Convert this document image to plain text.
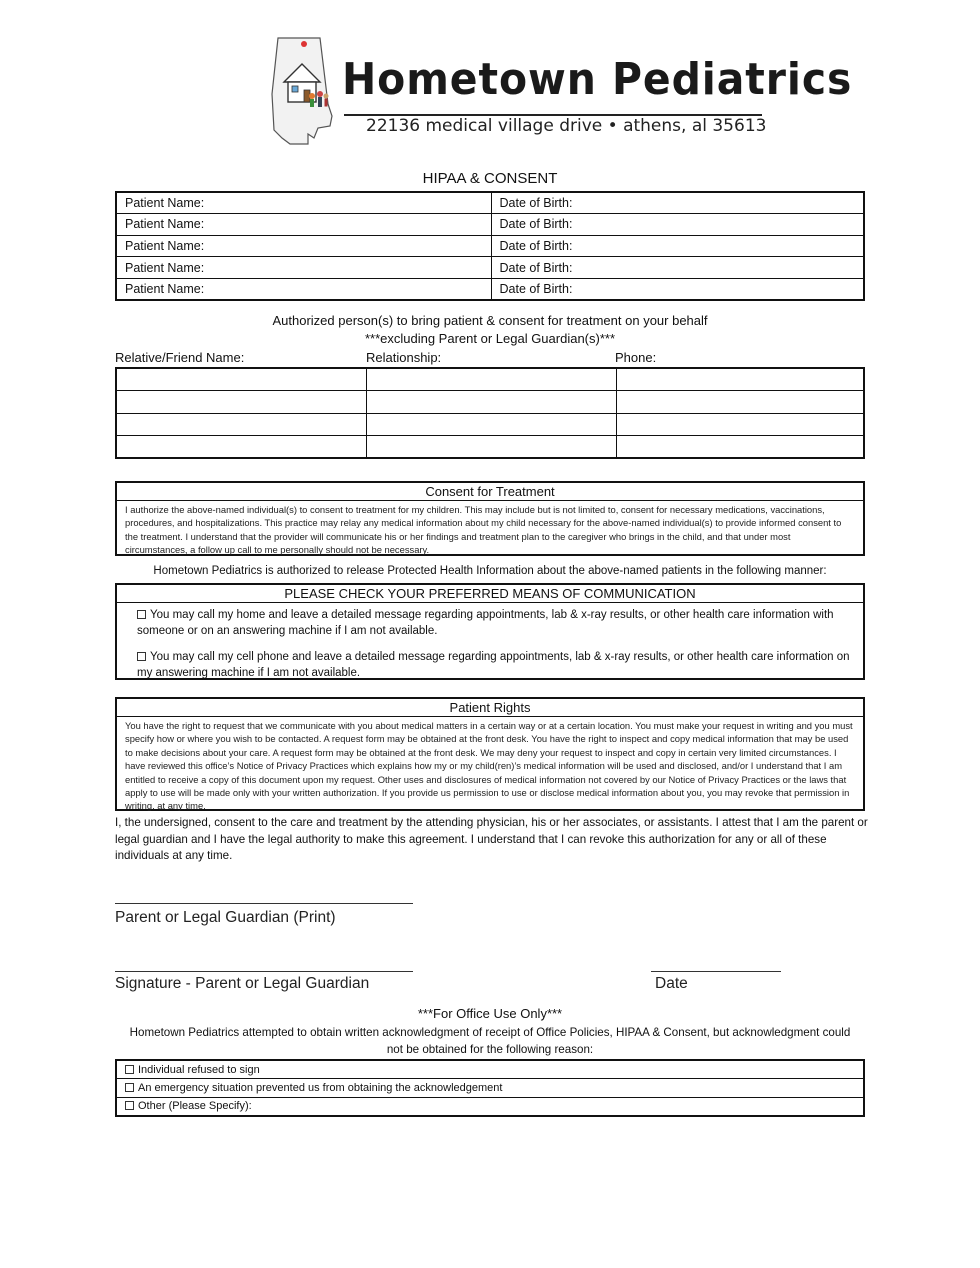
Hometown Pediatrics
22136 medical village drive • athens, al 35613
HIPAA & CONSENT
Patient Name:	Date of Birth:
Patient Name:	Date of Birth:
Patient Name:	Date of Birth:
Patient Name:	Date of Birth:
Patient Name:	Date of Birth:
Authorized person(s) to bring patient & consent for treatment on your behalf
***excluding Parent or Legal Guardian(s)***
Relative/Friend Name:	Relationship:	Phone:

Consent for Treatment
I authorize the above-named individual(s) to consent to treatment for my children. This may include but is not limited to, consent for necessary medications, vaccinations, procedures, and hospitalizations. This practice may relay any medical information about my child necessary for the above-named individual(s) to provide informed consent to the treatment. I understand that the provider will communicate his or her findings and treatment plan to the caregiver who brings in the child, and that under most circumstances, a follow up call to me personally should not be necessary.
Hometown Pediatrics is authorized to release Protected Health Information about the above-named patients in the following manner:
PLEASE CHECK YOUR PREFERRED MEANS OF COMMUNICATION
You may call my home and leave a detailed message regarding appointments, lab & x-ray results, or other health care information with someone or on an answering machine if I am not available.
You may call my cell phone and leave a detailed message regarding appointments, lab & x-ray results, or other health care information on my answering machine if I am not available.
Patient Rights
You have the right to request that we communicate with you about medical matters in a certain way or at a certain location. You must make your request in writing and you must specify how or where you wish to be contacted. A request form may be obtained at the front desk. You have the right to inspect and copy medical information that may be used to make decisions about your care. A request form may be obtained at the front desk. We may deny your request to inspect and copy in certain very limited circumstances. I have reviewed this office’s Notice of Privacy Practices which explains how my or my child(ren)’s medical information will be used and disclosed, and/or I understand that I am entitled to receive a copy of this document upon my request. Other uses and disclosures of medical information not covered by our Notice of Privacy Practices or the laws that apply to use will be made only with your written authorization. If you provide us permission to use or disclose medical information about you, you may revoke that permission in writing, at any time.
I, the undersigned, consent to the care and treatment by the attending physician, his or her associates, or assistants. I attest that I am the parent or legal guardian and I have the legal authority to make this agreement. I understand that I can revoke this authorization for any or all of these individuals at any time.
Parent or Legal Guardian (Print)
Signature - Parent or Legal Guardian	Date
***For Office Use Only***
Hometown Pediatrics attempted to obtain written acknowledgment of receipt of Office Policies, HIPAA & Consent, but acknowledgment could not be obtained for the following reason:
Individual refused to sign
An emergency situation prevented us from obtaining the acknowledgement
Other (Please Specify):
